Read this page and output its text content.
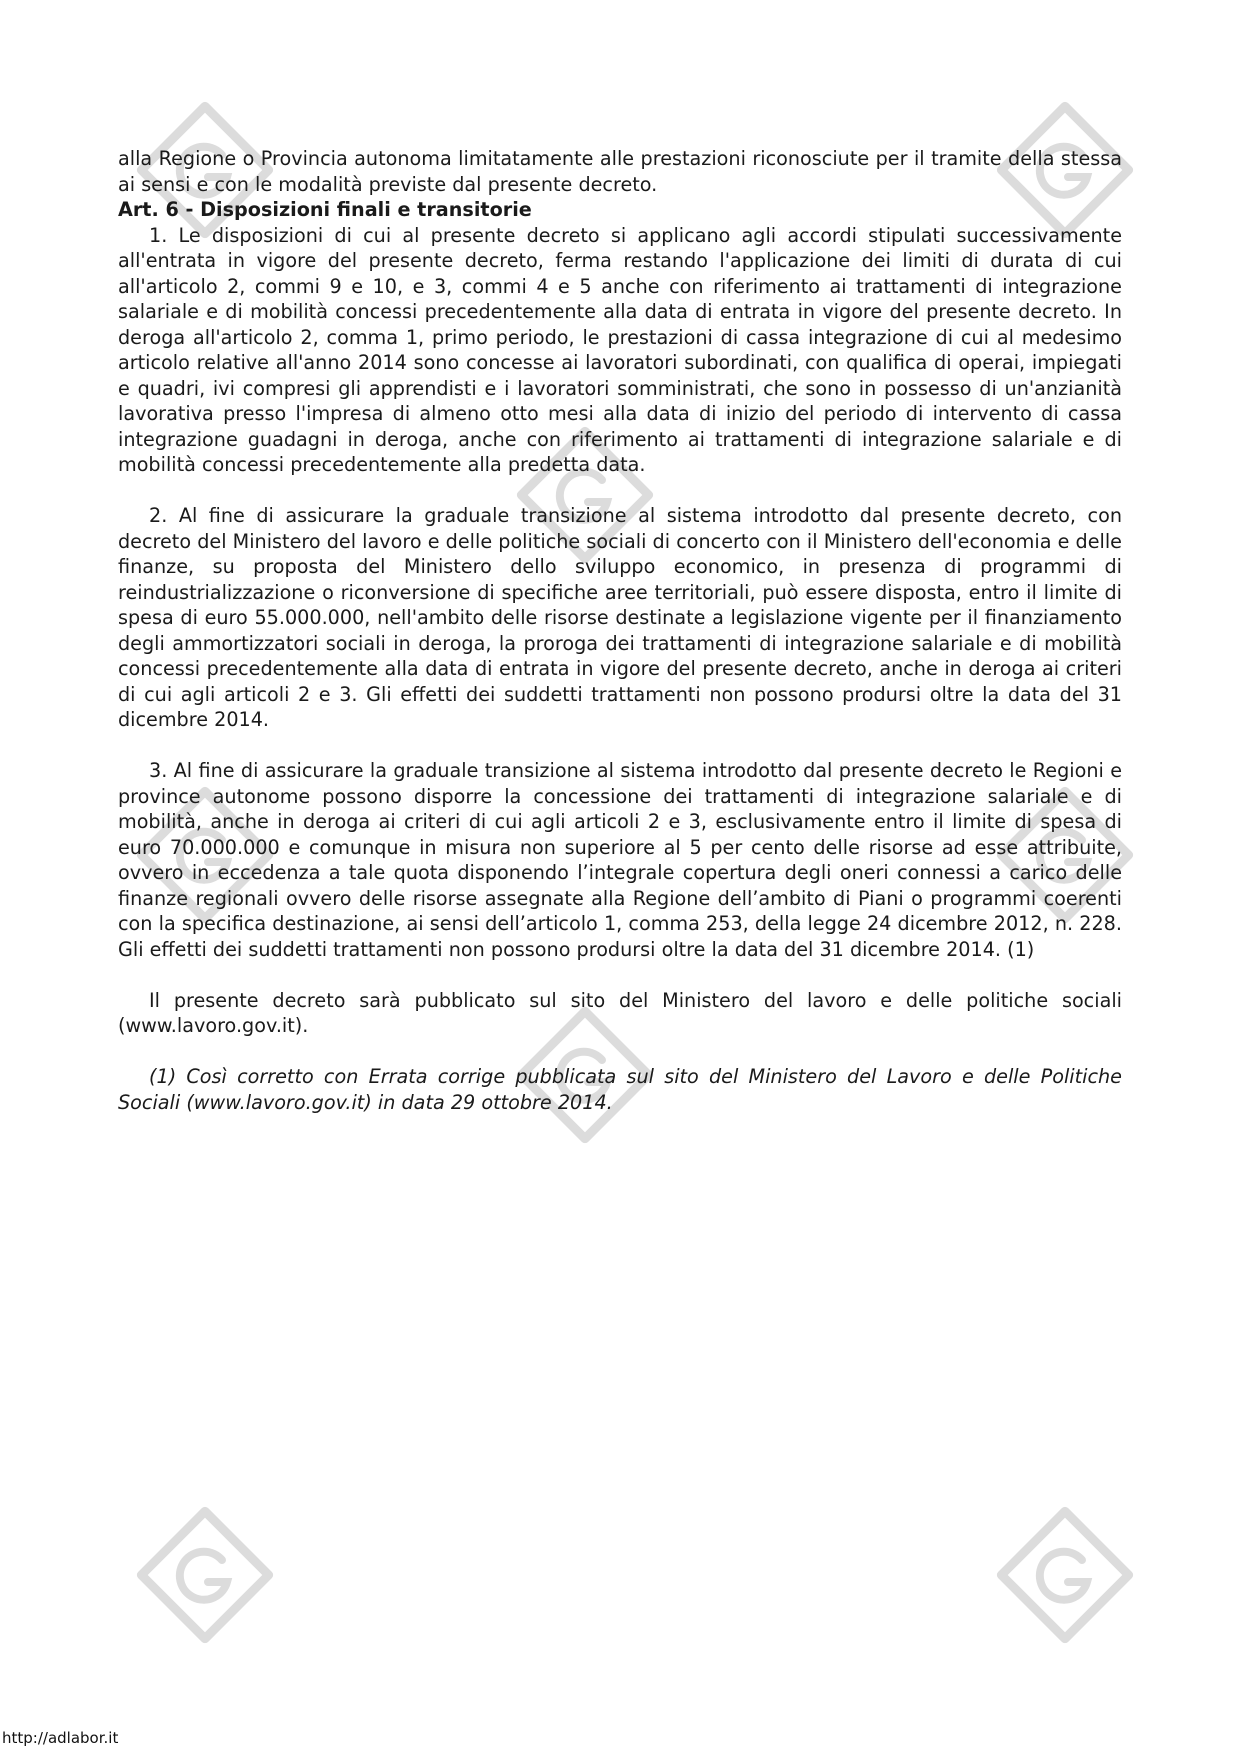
alla Regione o Provincia autonoma limitatamente alle prestazioni riconosciute per il tramite della stessa ai sensi e con le modalità previste dal presente decreto.

Art. 6 - Disposizioni finali e transitorie

1. Le disposizioni di cui al presente decreto si applicano agli accordi stipulati successivamente all'entrata in vigore del presente decreto, ferma restando l'applicazione dei limiti di durata di cui all'articolo 2, commi 9 e 10, e 3, commi 4 e 5 anche con riferimento ai trattamenti di integrazione salariale e di mobilità concessi precedentemente alla data di entrata in vigore del presente decreto. In deroga all'articolo 2, comma 1, primo periodo, le prestazioni di cassa integrazione di cui al medesimo articolo relative all'anno 2014 sono concesse ai lavoratori subordinati, con qualifica di operai, impiegati e quadri, ivi compresi gli apprendisti e i lavoratori somministrati, che sono in possesso di un'anzianità lavorativa presso l'impresa di almeno otto mesi alla data di inizio del periodo di intervento di cassa integrazione guadagni in deroga, anche con riferimento ai trattamenti di integrazione salariale e di mobilità concessi precedentemente alla predetta data.

2. Al fine di assicurare la graduale transizione al sistema introdotto dal presente decreto, con decreto del Ministero del lavoro e delle politiche sociali di concerto con il Ministero dell'economia e delle finanze, su proposta del Ministero dello sviluppo economico, in presenza di programmi di reindustrializzazione o riconversione di specifiche aree territoriali, può essere disposta, entro il limite di spesa di euro 55.000.000, nell'ambito delle risorse destinate a legislazione vigente per il finanziamento degli ammortizzatori sociali in deroga, la proroga dei trattamenti di integrazione salariale e di mobilità concessi precedentemente alla data di entrata in vigore del presente decreto, anche in deroga ai criteri di cui agli articoli 2 e 3. Gli effetti dei suddetti trattamenti non possono prodursi oltre la data del 31 dicembre 2014.

3. Al fine di assicurare la graduale transizione al sistema introdotto dal presente decreto le Regioni e province autonome possono disporre la concessione dei trattamenti di integrazione salariale e di mobilità, anche in deroga ai criteri di cui agli articoli 2 e 3, esclusivamente entro il limite di spesa di euro 70.000.000 e comunque in misura non superiore al 5 per cento delle risorse ad esse attribuite, ovvero in eccedenza a tale quota disponendo l’integrale copertura degli oneri connessi a carico delle finanze regionali ovvero delle risorse assegnate alla Regione dell’ambito di Piani o programmi coerenti con la specifica destinazione, ai sensi dell’articolo 1, comma 253, della legge 24 dicembre 2012, n. 228. Gli effetti dei suddetti trattamenti non possono prodursi oltre la data del 31 dicembre 2014. (1)

Il presente decreto sarà pubblicato sul sito del Ministero del lavoro e delle politiche sociali (www.lavoro.gov.it).

(1) Così corretto con Errata corrige pubblicata sul sito del Ministero del Lavoro e delle Politiche Sociali (www.lavoro.gov.it) in data 29 ottobre 2014.

http://adlabor.it
